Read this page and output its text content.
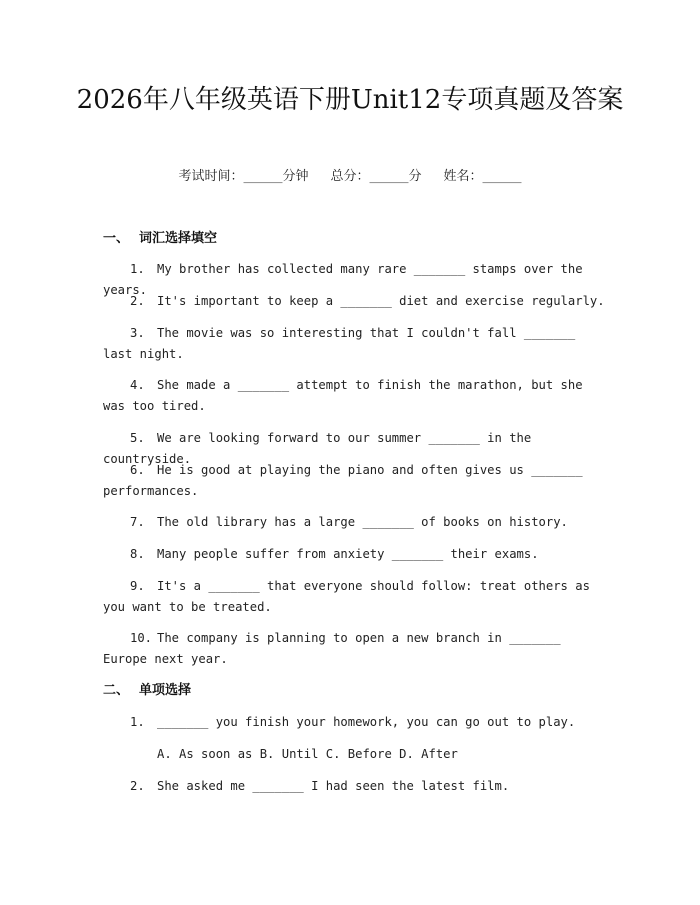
2026年八年级英语下册Unit12专项真题及答案
考试时间：______分钟 总分：______分 姓名：______
一、 词汇选择填空
1. My brother has collected many rare _______ stamps over the years.
2. It's important to keep a _______ diet and exercise regularly.
3. The movie was so interesting that I couldn't fall _______ last night.
4. She made a _______ attempt to finish the marathon, but she was too tired.
5. We are looking forward to our summer _______ in the countryside.
6. He is good at playing the piano and often gives us _______ performances.
7. The old library has a large _______ of books on history.
8. Many people suffer from anxiety _______ their exams.
9. It's a _______ that everyone should follow: treat others as you want to be treated.
10. The company is planning to open a new branch in _______ Europe next year.
二、 单项选择
1. _______ you finish your homework, you can go out to play.
A. As soon as B. Until C. Before D. After
2. She asked me _______ I had seen the latest film.
